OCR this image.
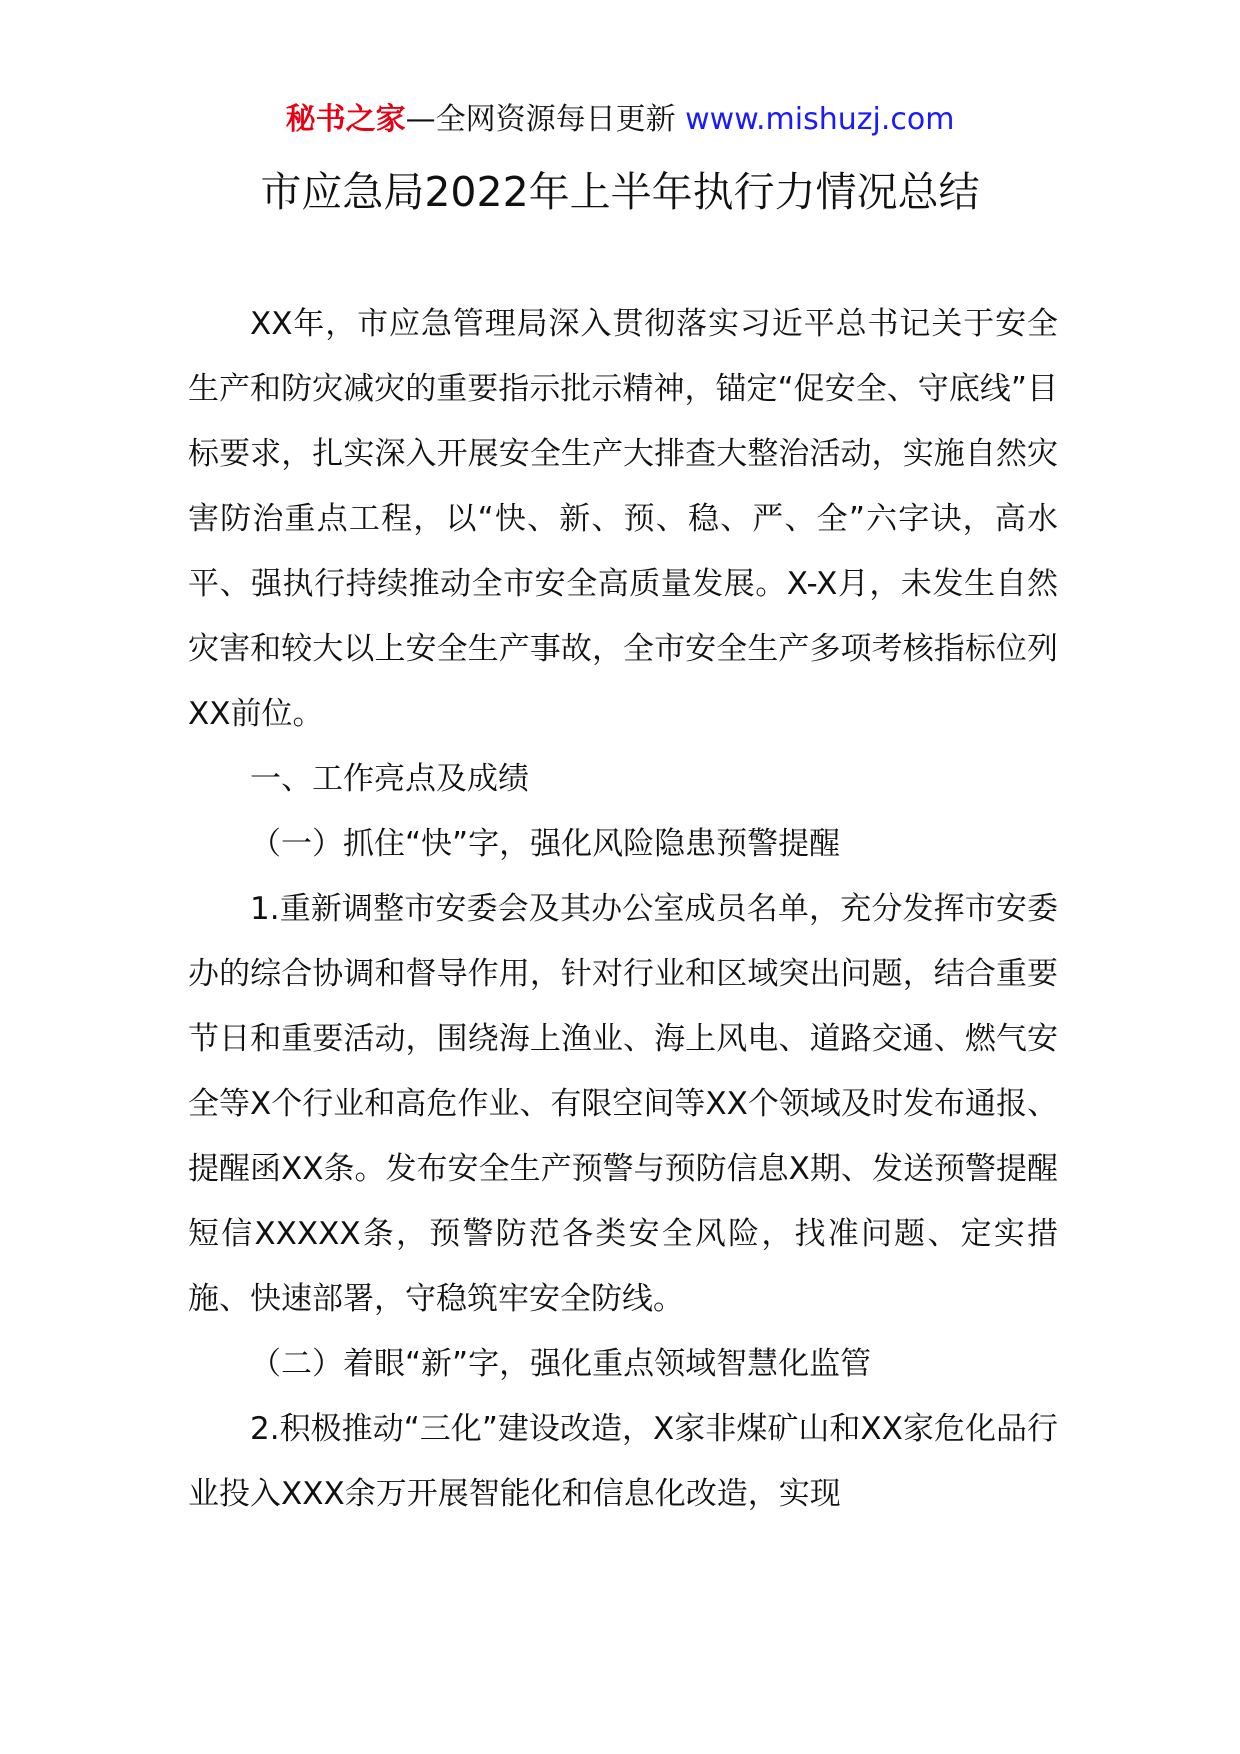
秘书之家—全网资源每日更新 www.mishuzj.com
市应急局2022年上半年执行力情况总结

XX年，市应急管理局深入贯彻落实习近平总书记关于安全生产和防灾减灾的重要指示批示精神，锚定“促安全、守底线”目标要求，扎实深入开展安全生产大排查大整治活动，实施自然灾害防治重点工程，以“快、新、预、稳、严、全”六字诀，高水平、强执行持续推动全市安全高质量发展。X-X月，未发生自然灾害和较大以上安全生产事故，全市安全生产多项考核指标位列XX前位。

一、工作亮点及成绩

（一）抓住“快”字，强化风险隐患预警提醒

1.重新调整市安委会及其办公室成员名单，充分发挥市安委办的综合协调和督导作用，针对行业和区域突出问题，结合重要节日和重要活动，围绕海上渔业、海上风电、道路交通、燃气安全等X个行业和高危作业、有限空间等XX个领域及时发布通报、提醒函XX条。发布安全生产预警与预防信息X期、发送预警提醒短信XXXXX条，预警防范各类安全风险，找准问题、定实措施、快速部署，守稳筑牢安全防线。

（二）着眼“新”字，强化重点领域智慧化监管

2.积极推动“三化”建设改造，X家非煤矿山和XX家危化品行业投入XXX余万开展智能化和信息化改造，实现
